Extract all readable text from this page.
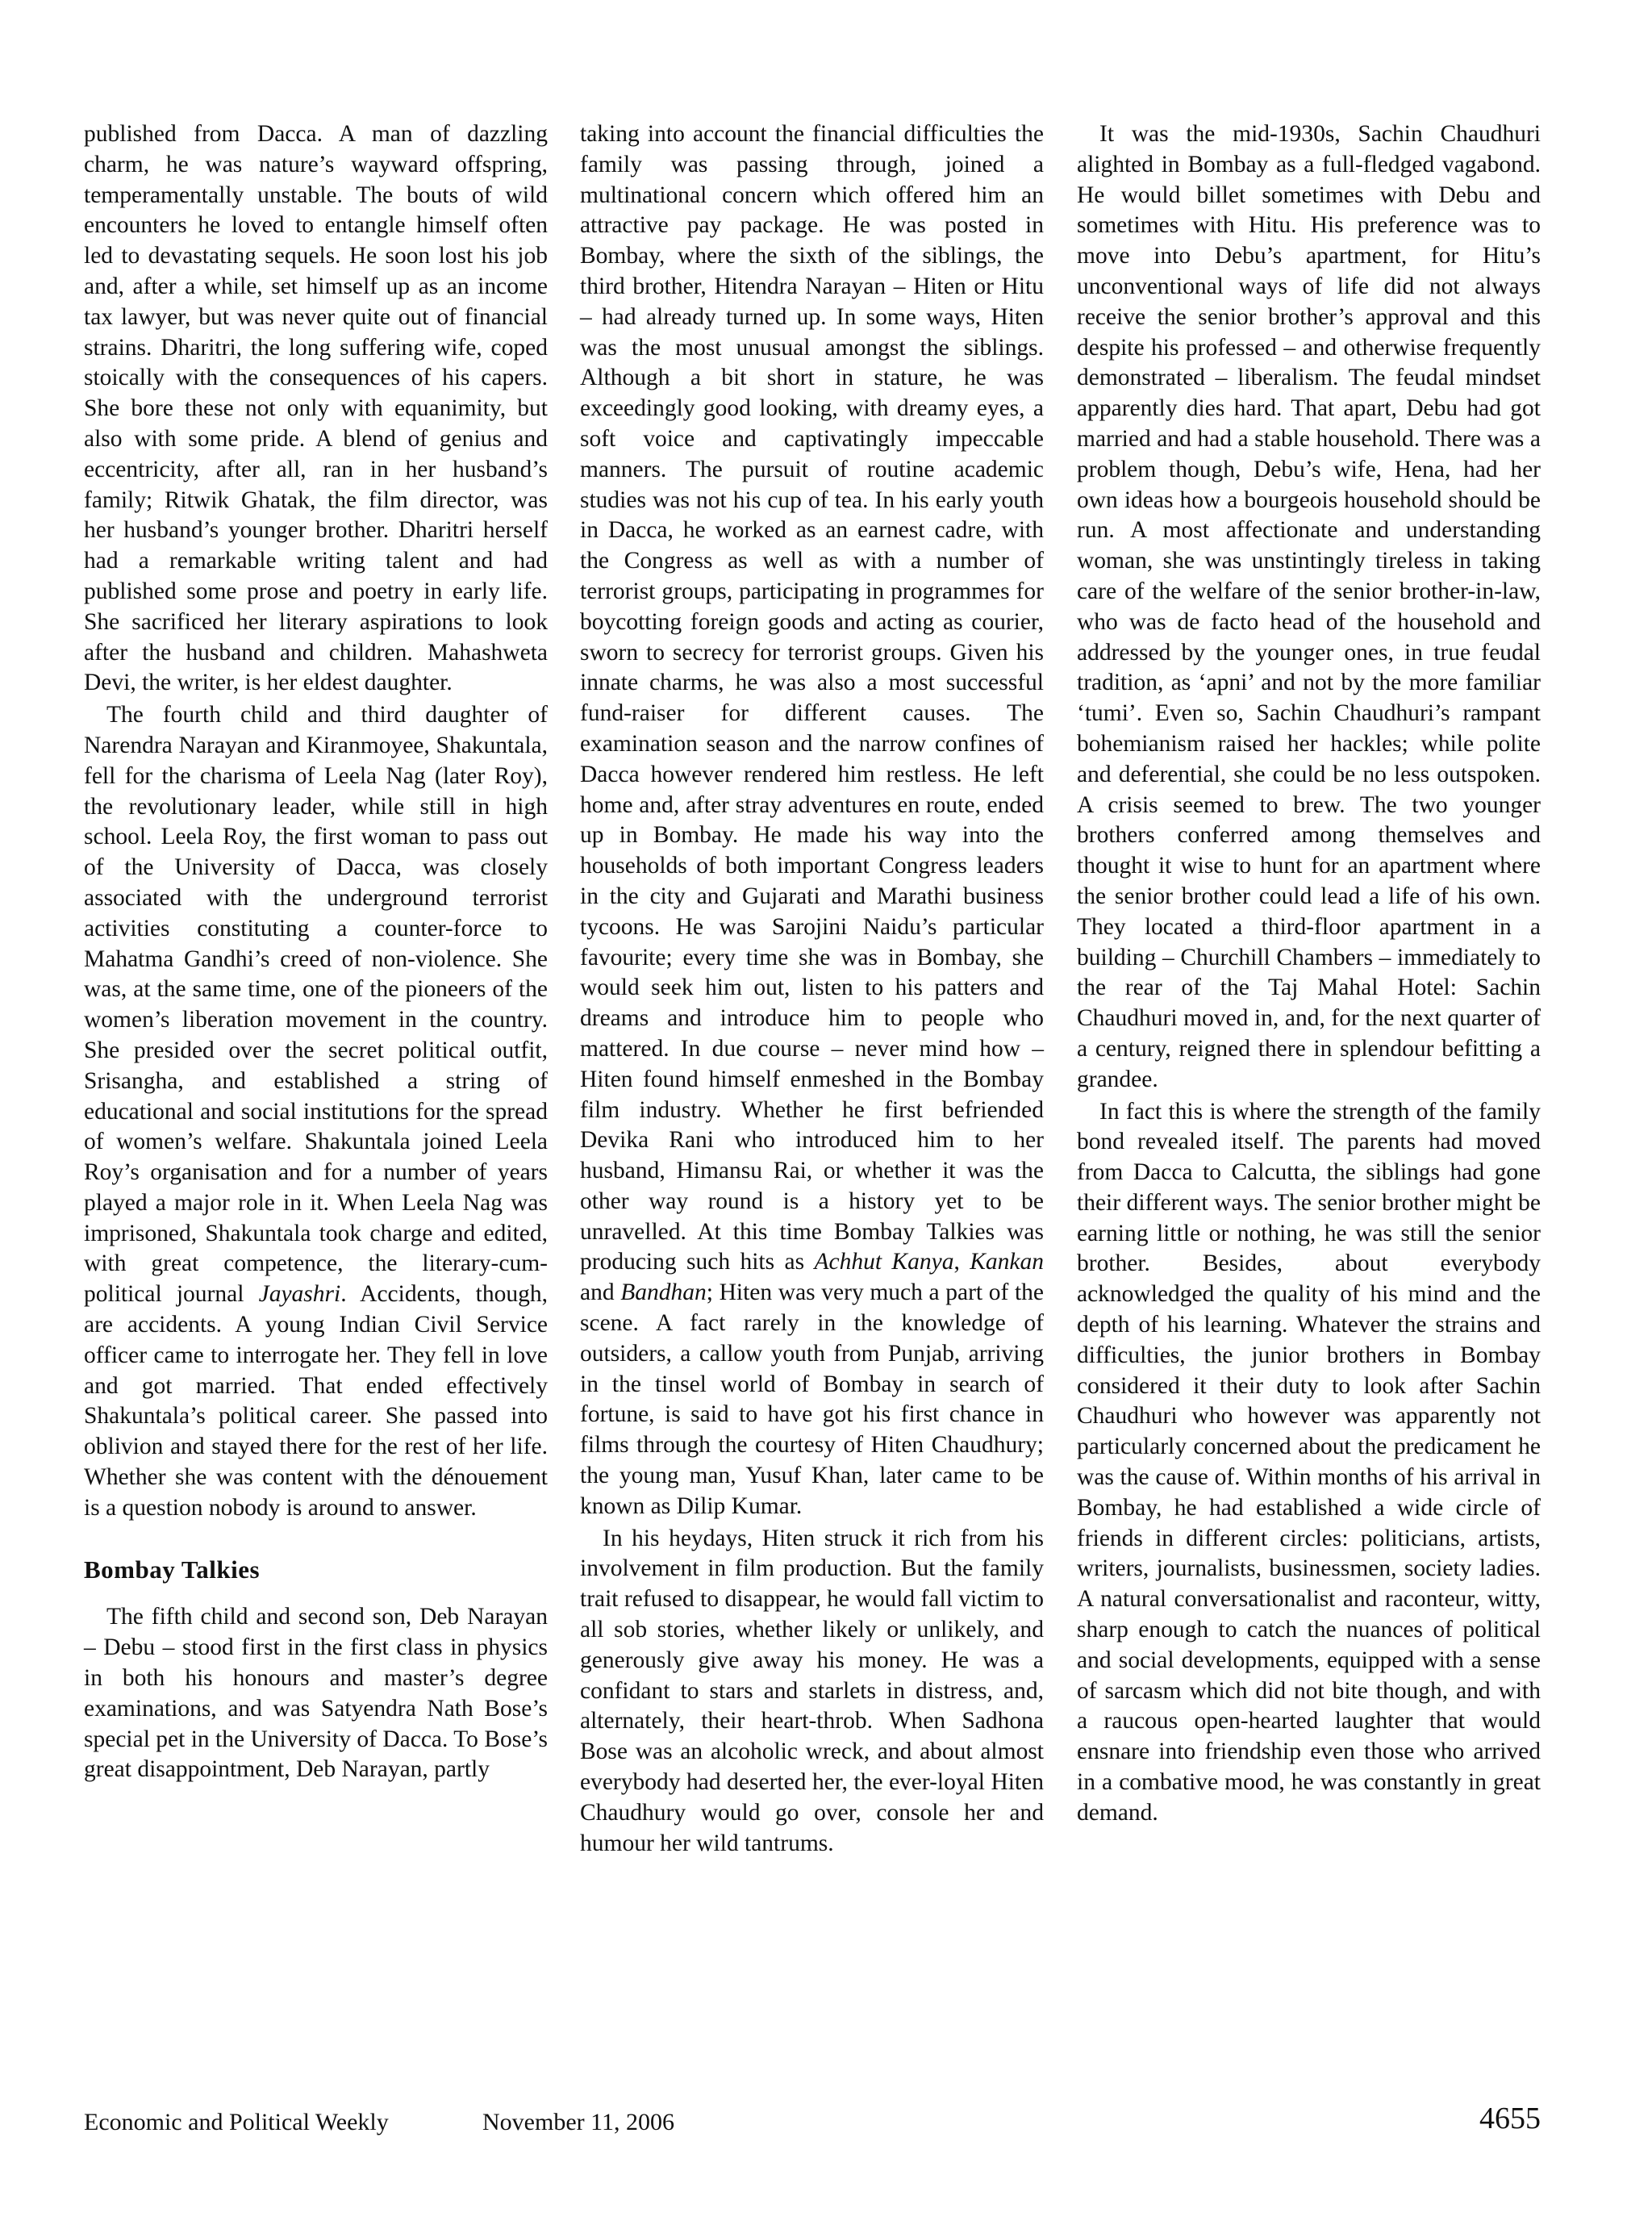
published from Dacca. A man of dazzling charm, he was nature’s wayward offspring, temperamentally unstable. The bouts of wild encounters he loved to entangle himself often led to devastating sequels. He soon lost his job and, after a while, set himself up as an income tax lawyer, but was never quite out of financial strains. Dharitri, the long suffering wife, coped stoically with the consequences of his capers. She bore these not only with equanimity, but also with some pride. A blend of genius and eccentricity, after all, ran in her husband’s family; Ritwik Ghatak, the film director, was her husband’s younger brother. Dharitri herself had a remarkable writing talent and had published some prose and poetry in early life. She sacrificed her literary aspirations to look after the husband and children. Mahashweta Devi, the writer, is her eldest daughter.

The fourth child and third daughter of Narendra Narayan and Kiranmoyee, Shakuntala, fell for the charisma of Leela Nag (later Roy), the revolutionary leader, while still in high school. Leela Roy, the first woman to pass out of the University of Dacca, was closely associated with the underground terrorist activities constituting a counter-force to Mahatma Gandhi’s creed of non-violence. She was, at the same time, one of the pioneers of the women’s liberation movement in the country. She presided over the secret political outfit, Srisangha, and established a string of educational and social institutions for the spread of women’s welfare. Shakuntala joined Leela Roy’s organisation and for a number of years played a major role in it. When Leela Nag was imprisoned, Shakuntala took charge and edited, with great competence, the literary-cum-political journal Jayashri. Accidents, though, are accidents. A young Indian Civil Service officer came to interrogate her. They fell in love and got married. That ended effectively Shakuntala’s political career. She passed into oblivion and stayed there for the rest of her life. Whether she was content with the dénouement is a question nobody is around to answer.

Bombay Talkies

The fifth child and second son, Deb Narayan – Debu – stood first in the first class in physics in both his honours and master’s degree examinations, and was Satyendra Nath Bose’s special pet in the University of Dacca. To Bose’s great disappointment, Deb Narayan, partly

taking into account the financial difficulties the family was passing through, joined a multinational concern which offered him an attractive pay package. He was posted in Bombay, where the sixth of the siblings, the third brother, Hitendra Narayan – Hiten or Hitu – had already turned up. In some ways, Hiten was the most unusual amongst the siblings. Although a bit short in stature, he was exceedingly good looking, with dreamy eyes, a soft voice and captivatingly impeccable manners. The pursuit of routine academic studies was not his cup of tea. In his early youth in Dacca, he worked as an earnest cadre, with the Congress as well as with a number of terrorist groups, participating in programmes for boycotting foreign goods and acting as courier, sworn to secrecy for terrorist groups. Given his innate charms, he was also a most successful fund-raiser for different causes. The examination season and the narrow confines of Dacca however rendered him restless. He left home and, after stray adventures en route, ended up in Bombay. He made his way into the households of both important Congress leaders in the city and Gujarati and Marathi business tycoons. He was Sarojini Naidu’s particular favourite; every time she was in Bombay, she would seek him out, listen to his patters and dreams and introduce him to people who mattered. In due course – never mind how – Hiten found himself enmeshed in the Bombay film industry. Whether he first befriended Devika Rani who introduced him to her husband, Himansu Rai, or whether it was the other way round is a history yet to be unravelled. At this time Bombay Talkies was producing such hits as Achhut Kanya, Kankan and Bandhan; Hiten was very much a part of the scene. A fact rarely in the knowledge of outsiders, a callow youth from Punjab, arriving in the tinsel world of Bombay in search of fortune, is said to have got his first chance in films through the courtesy of Hiten Chaudhury; the young man, Yusuf Khan, later came to be known as Dilip Kumar.

In his heydays, Hiten struck it rich from his involvement in film production. But the family trait refused to disappear, he would fall victim to all sob stories, whether likely or unlikely, and generously give away his money. He was a confidant to stars and starlets in distress, and, alternately, their heart-throb. When Sadhona Bose was an alcoholic wreck, and about almost everybody had deserted her, the ever-loyal Hiten Chaudhury would go over, console her and humour her wild tantrums.

It was the mid-1930s, Sachin Chaudhuri alighted in Bombay as a full-fledged vagabond. He would billet sometimes with Debu and sometimes with Hitu. His preference was to move into Debu’s apartment, for Hitu’s unconventional ways of life did not always receive the senior brother’s approval and this despite his professed – and otherwise frequently demonstrated – liberalism. The feudal mindset apparently dies hard. That apart, Debu had got married and had a stable household. There was a problem though, Debu’s wife, Hena, had her own ideas how a bourgeois household should be run. A most affectionate and understanding woman, she was unstintingly tireless in taking care of the welfare of the senior brother-in-law, who was de facto head of the household and addressed by the younger ones, in true feudal tradition, as ‘apni’ and not by the more familiar ‘tumi’. Even so, Sachin Chaudhuri’s rampant bohemianism raised her hackles; while polite and deferential, she could be no less outspoken. A crisis seemed to brew. The two younger brothers conferred among themselves and thought it wise to hunt for an apartment where the senior brother could lead a life of his own. They located a third-floor apartment in a building – Churchill Chambers – immediately to the rear of the Taj Mahal Hotel: Sachin Chaudhuri moved in, and, for the next quarter of a century, reigned there in splendour befitting a grandee.

In fact this is where the strength of the family bond revealed itself. The parents had moved from Dacca to Calcutta, the siblings had gone their different ways. The senior brother might be earning little or nothing, he was still the senior brother. Besides, about everybody acknowledged the quality of his mind and the depth of his learning. Whatever the strains and difficulties, the junior brothers in Bombay considered it their duty to look after Sachin Chaudhuri who however was apparently not particularly concerned about the predicament he was the cause of. Within months of his arrival in Bombay, he had established a wide circle of friends in different circles: politicians, artists, writers, journalists, businessmen, society ladies. A natural conversationalist and raconteur, witty, sharp enough to catch the nuances of political and social developments, equipped with a sense of sarcasm which did not bite though, and with a raucous open-hearted laughter that would ensnare into friendship even those who arrived in a combative mood, he was constantly in great demand.

Economic and Political Weekly	November 11, 2006	4655
